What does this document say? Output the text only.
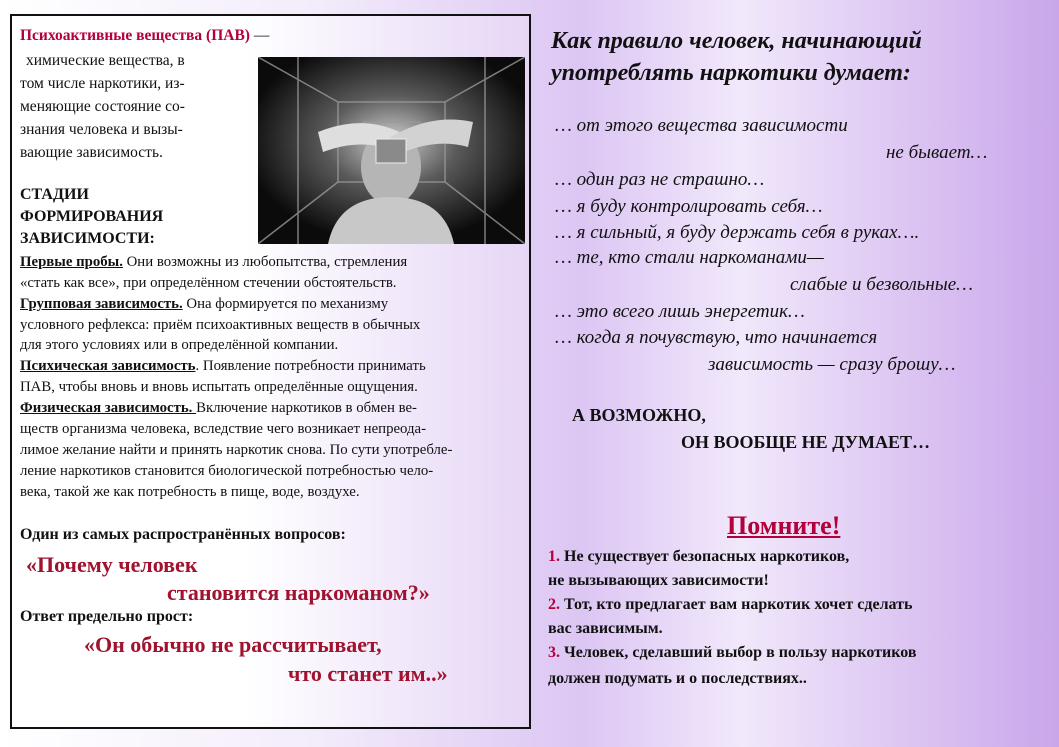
Психоактивные вещества (ПАВ) —
химические вещества, в
том числе наркотики, из-
меняющие состояние со-
знания человека и вызы-
вающие зависимость.
СТАДИИ
ФОРМИРОВАНИЯ
ЗАВИСИМОСТИ:
Первые пробы. Они возможны из любопытства, стремления
«стать как все», при определённом стечении обстоятельств.
Групповая зависимость. Она формируется по механизму
условного рефлекса: приём психоактивных веществ в обычных
для этого условиях или в определённой компании.
Психическая зависимость. Появление потребности принимать
ПАВ, чтобы вновь и вновь испытать определённые ощущения.
Физическая зависимость. Включение наркотиков в обмен ве-
ществ организма человека, вследствие чего возникает непреода-
лимое желание найти и принять наркотик снова. По сути употребле-
ление наркотиков становится биологической потребностью чело-
века, такой же как потребность в пище, воде, воздухе.
Один из самых распространённых вопросов:
«Почему человек
становится наркоманом?»
Ответ предельно прост:
«Он обычно не рассчитывает,
что станет им..»
Как правило человек, начинающий
употреблять наркотики думает:
… от этого вещества зависимости
не бывает…
… один раз не страшно…
… я буду контролировать себя…
… я сильный, я буду держать себя в руках….
… те, кто стали наркоманами—
слабые и безвольные…
… это всего лишь энергетик…
… когда я почувствую, что начинается
зависимость — сразу брошу…
А ВОЗМОЖНО,
ОН ВООБЩЕ НЕ ДУМАЕТ…
Помните!
1. Не существует безопасных наркотиков,
не вызывающих зависимости!
2. Тот, кто предлагает вам наркотик хочет сделать
вас зависимым.
3. Человек, сделавший выбор в пользу наркотиков
должен подумать и о последствиях..
